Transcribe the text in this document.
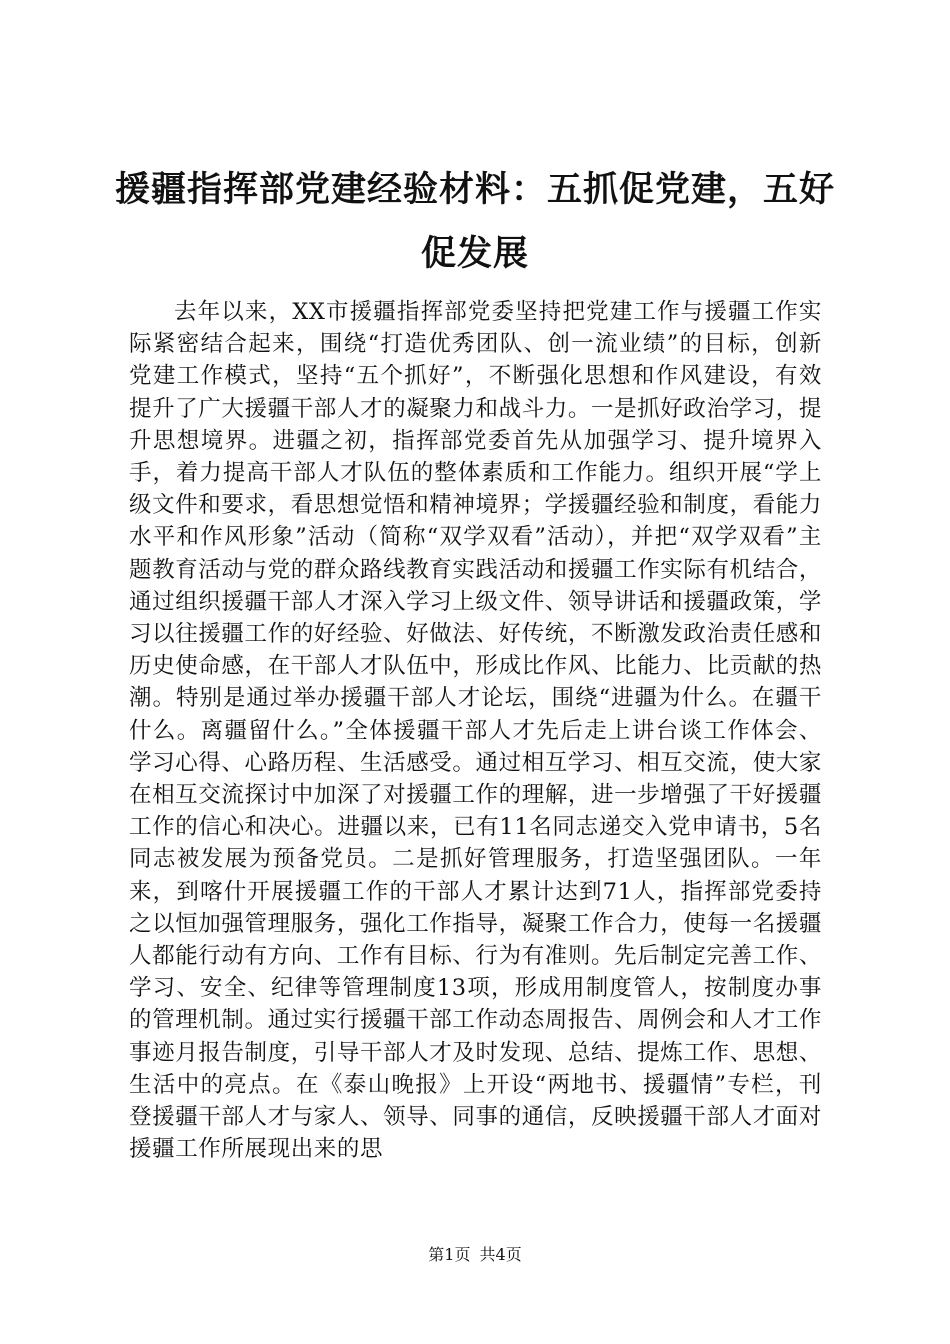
援疆指挥部党建经验材料：五抓促党建，五好促发展

去年以来，XX市援疆指挥部党委坚持把党建工作与援疆工作实际紧密结合起来，围绕“打造优秀团队、创一流业绩”的目标，创新党建工作模式，坚持“五个抓好”，不断强化思想和作风建设，有效提升了广大援疆干部人才的凝聚力和战斗力。一是抓好政治学习，提升思想境界。进疆之初，指挥部党委首先从加强学习、提升境界入手，着力提高干部人才队伍的整体素质和工作能力。组织开展“学上级文件和要求，看思想觉悟和精神境界；学援疆经验和制度，看能力水平和作风形象”活动（简称“双学双看”活动），并把“双学双看”主题教育活动与党的群众路线教育实践活动和援疆工作实际有机结合，通过组织援疆干部人才深入学习上级文件、领导讲话和援疆政策，学习以往援疆工作的好经验、好做法、好传统，不断激发政治责任感和历史使命感，在干部人才队伍中，形成比作风、比能力、比贡献的热潮。特别是通过举办援疆干部人才论坛，围绕“进疆为什么。在疆干什么。离疆留什么。”全体援疆干部人才先后走上讲台谈工作体会、学习心得、心路历程、生活感受。通过相互学习、相互交流，使大家在相互交流探讨中加深了对援疆工作的理解，进一步增强了干好援疆工作的信心和决心。进疆以来，已有11名同志递交入党申请书，5名同志被发展为预备党员。二是抓好管理服务，打造坚强团队。一年来，到喀什开展援疆工作的干部人才累计达到71人，指挥部党委持之以恒加强管理服务，强化工作指导，凝聚工作合力，使每一名援疆人都能行动有方向、工作有目标、行为有准则。先后制定完善工作、学习、安全、纪律等管理制度13项，形成用制度管人，按制度办事的管理机制。通过实行援疆干部工作动态周报告、周例会和人才工作事迹月报告制度，引导干部人才及时发现、总结、提炼工作、思想、生活中的亮点。在《泰山晚报》上开设“两地书、援疆情”专栏，刊登援疆干部人才与家人、领导、同事的通信，反映援疆干部人才面对援疆工作所展现出来的思

第1页 共4页
